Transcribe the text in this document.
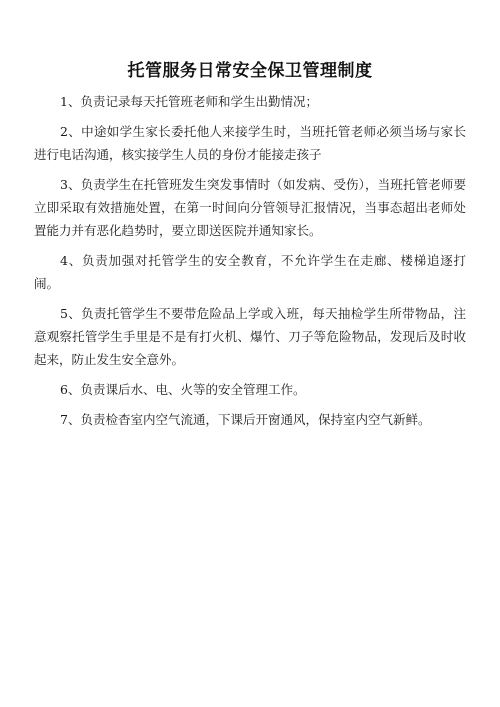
托管服务日常安全保卫管理制度

1、负责记录每天托管班老师和学生出勤情况；

2、中途如学生家长委托他人来接学生时，当班托管老师必须当场与家长进行电话沟通，核实接学生人员的身份才能接走孩子

3、负责学生在托管班发生突发事情时（如发病、受伤），当班托管老师要立即采取有效措施处置，在第一时间向分管领导汇报情况，当事态超出老师处置能力并有恶化趋势时，要立即送医院并通知家长。

4、负责加强对托管学生的安全教育，不允许学生在走廊、楼梯追逐打闹。

5、负责托管学生不要带危险品上学或入班，每天抽检学生所带物品，注意观察托管学生手里是不是有打火机、爆竹、刀子等危险物品，发现后及时收起来，防止发生安全意外。

6、负责课后水、电、火等的安全管理工作。

7、负责检杳室内空气流通，下课后开窗通风，保持室内空气新鲜。
